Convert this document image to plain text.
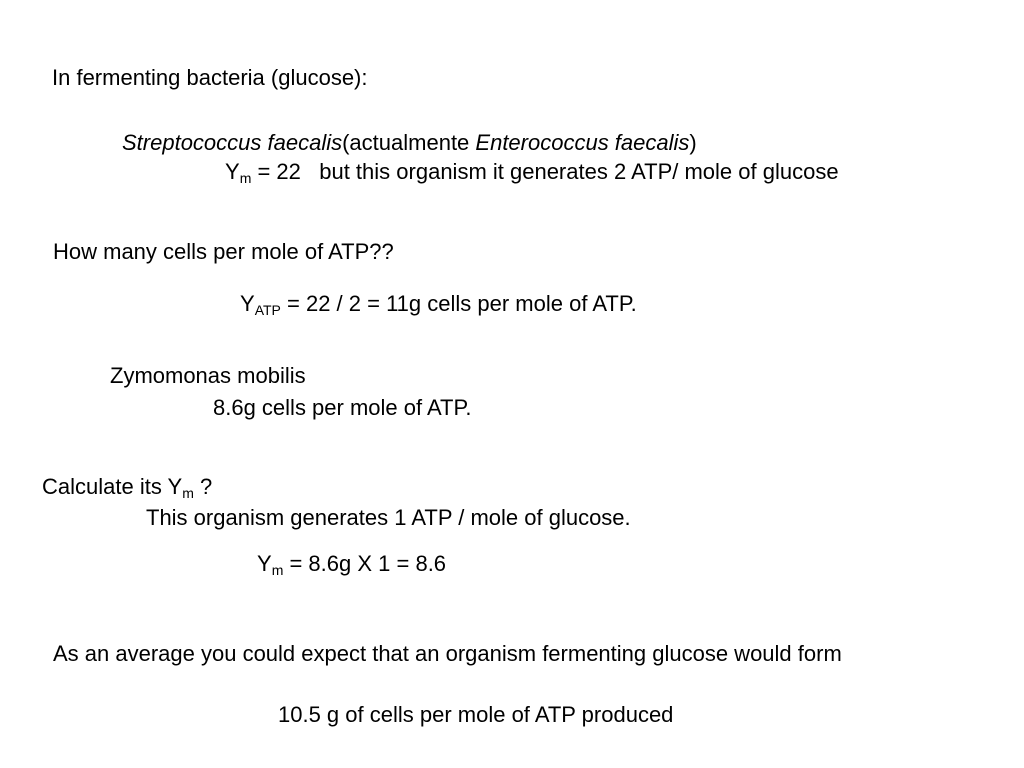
In fermenting bacteria (glucose):
Streptococcus faecalis(actualmente Enterococcus faecalis)
$Y_m = 22$   but this organism it generates 2 ATP/ mole of glucose
How many cells per mole of ATP??
$Y_{ATP} = 22 / 2 = 11g$ cells per mole of ATP.
Zymomonas mobilis
8.6g cells per mole of ATP.
Calculate its $Y_m$ ?
This organism generates 1 ATP / mole of glucose.
$Y_m = 8.6g$ X 1 = 8.6
As an average you could expect that an organism fermenting glucose would form
10.5 g of cells per mole of ATP produced
